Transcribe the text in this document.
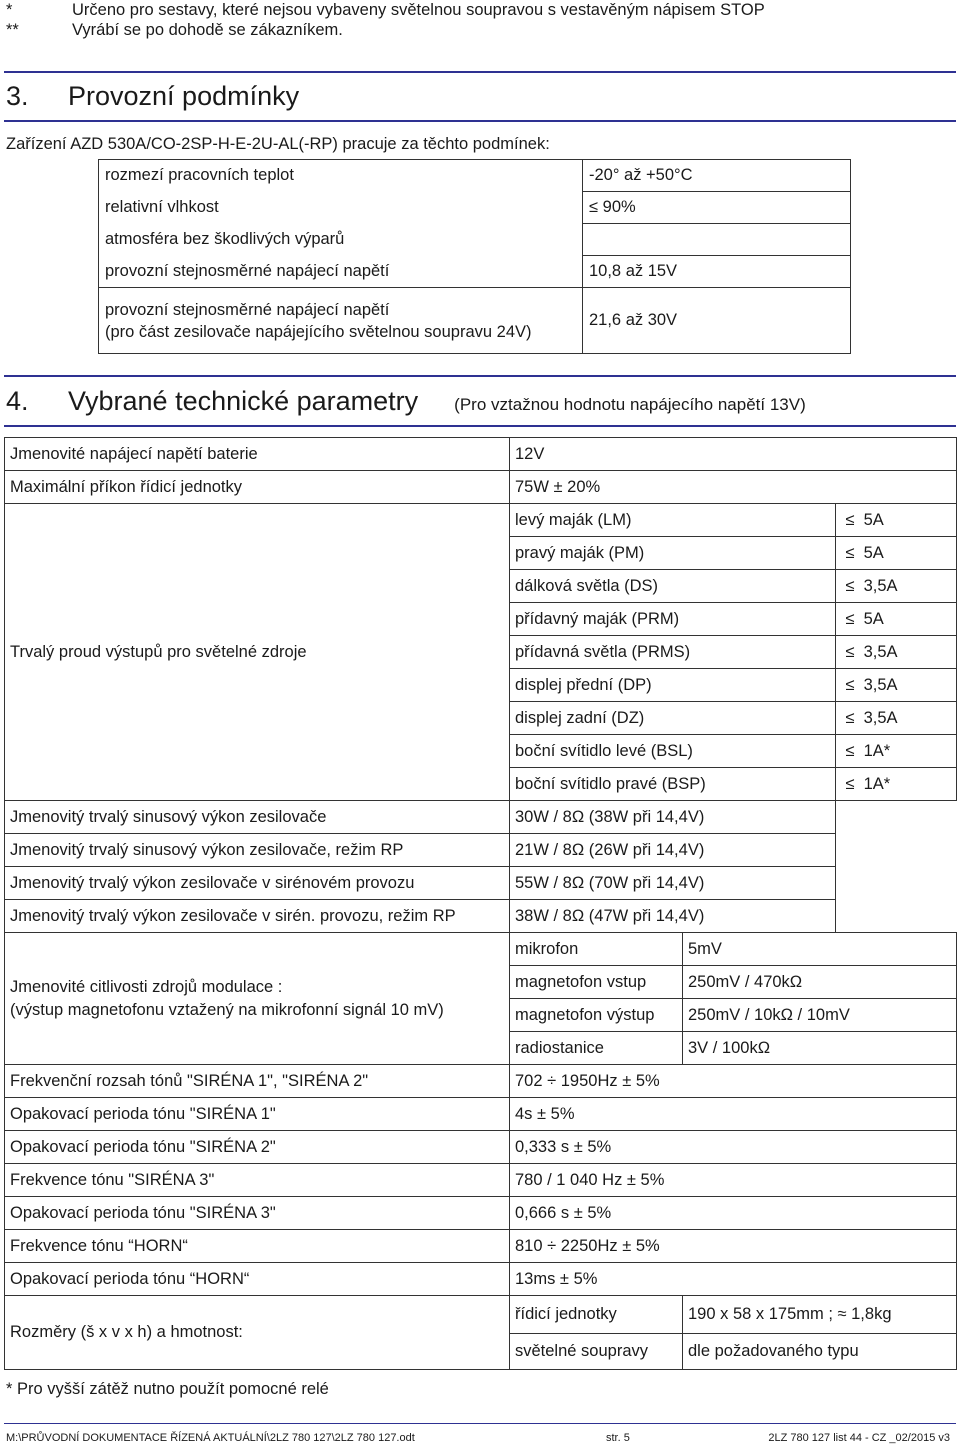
*	Určeno pro sestavy, které nejsou vybaveny světelnou soupravou s vestavěným nápisem STOP
**	Vyrábí se po dohodě se zákazníkem.
3. Provozní podmínky
Zařízení AZD 530A/CO-2SP-H-E-2U-AL(-RP) pracuje za těchto podmínek:
rozmezí pracovních teplot	-20° až +50°C
relativní vlhkost	≤ 90%
atmosféra bez škodlivých výparů	
provozní stejnosměrné napájecí napětí	10,8 až 15V

provozní stejnosměrné napájecí napětí
(pro část zesilovače napájejícího světelnou soupravu 24V)	21,6 až 30V
4. Vybrané technické parametry (Pro vztažnou hodnotu napájecího napětí 13V)
Jmenovité napájecí napětí baterie	12V		
Maximální příkon řídicí jednotky	75W ± 20%		
Trvalý proud výstupů pro světelné zdroje	levý maják (LM)		≤ 5A
	pravý maják (PM)		≤ 5A
	dálková světla (DS)		≤ 3,5A
	přídavný maják (PRM)		≤ 5A
	přídavná světla (PRMS)		≤ 3,5A
	displej přední (DP)		≤ 3,5A
	displej zadní (DZ)		≤ 3,5A
	boční svítidlo levé (BSL)		≤ 1A*
	boční svítidlo pravé (BSP)		≤ 1A*
Jmenovitý trvalý sinusový výkon zesilovače	30W / 8Ω (38W při 14,4V)		
Jmenovitý trvalý sinusový výkon zesilovače, režim RP	21W / 8Ω (26W při 14,4V)		
Jmenovitý trvalý výkon zesilovače v sirénovém provozu	55W / 8Ω (70W při 14,4V)		
Jmenovitý trvalý výkon zesilovače v sirén. provozu, režim RP	38W / 8Ω (47W při 14,4V)		

Jmenovité citlivosti zdrojů modulace :
(výstup magnetofonu vztažený na mikrofonní signál 10 mV)	mikrofon	5mV	
	magnetofon vstup	250mV / 470kΩ	
	magnetofon výstup	250mV / 10kΩ / 10mV	
	radiostanice	3V / 100kΩ	
Frekvenční rozsah tónů "SIRÉNA 1", "SIRÉNA 2"	702 ÷ 1950Hz ± 5%		
Opakovací perioda tónu "SIRÉNA 1"	4s ± 5%		
Opakovací perioda tónu "SIRÉNA 2"	0,333 s ± 5%		
Frekvence tónu "SIRÉNA 3"	780 / 1 040 Hz ± 5%		
Opakovací perioda tónu "SIRÉNA 3"	0,666 s ± 5%		
Frekvence tónu “HORN“	810 ÷ 2250Hz ± 5%		
Opakovací perioda tónu “HORN“	13ms ± 5%		
Rozměry (š x v x h) a hmotnost:	řídicí jednotky	190 x 58 x 175mm ; ≈ 1,8kg	
	světelné soupravy	dle požadovaného typu	
* Pro vyšší zátěž nutno použít pomocné relé
M:\PRŮVODNÍ DOKUMENTACE ŘÍZENÁ AKTUÁLNÍ\2LZ 780 127\2LZ 780 127.odt	str. 5	2LZ 780 127 list 44 - CZ _02/2015 v3
